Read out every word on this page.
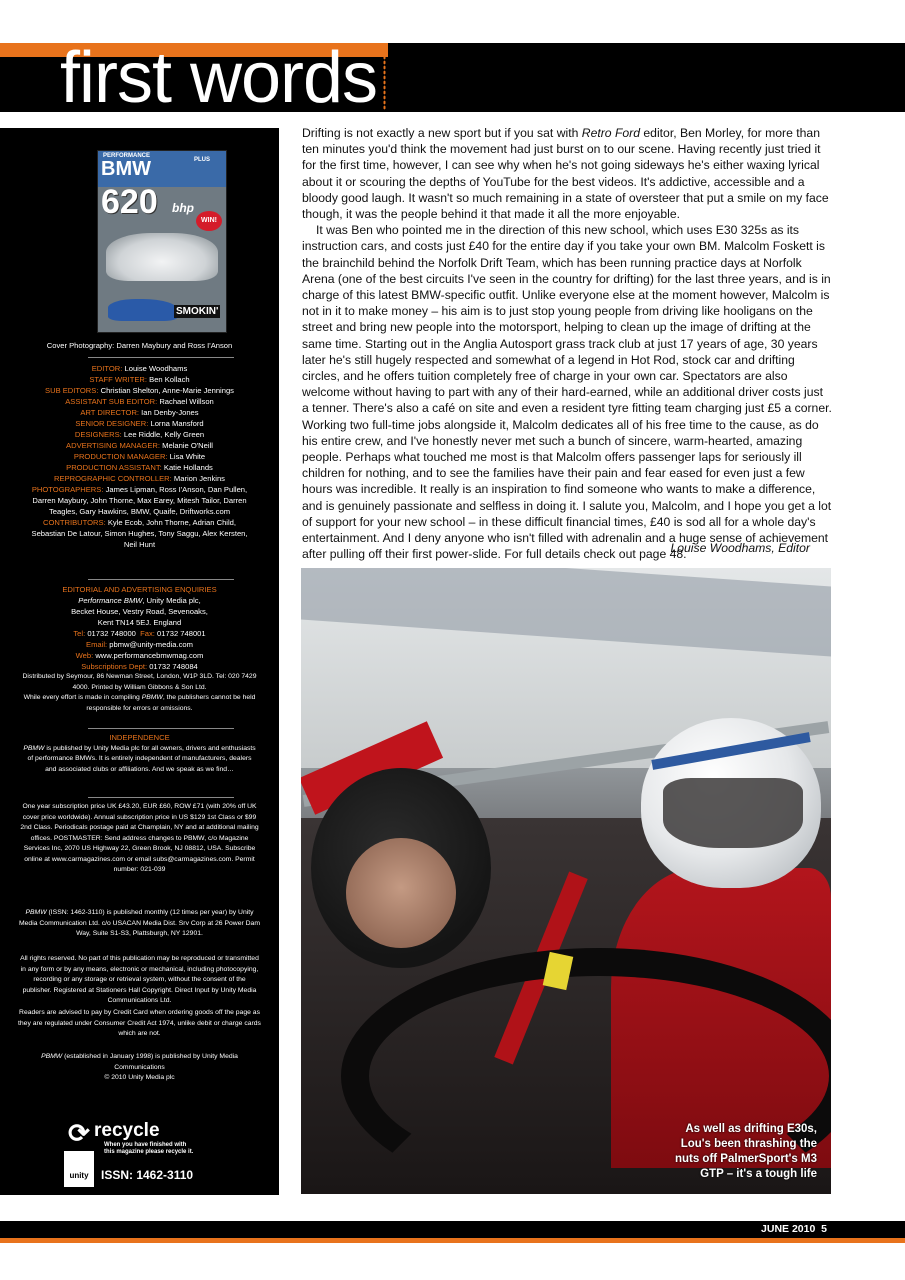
first words
PERFORMANCE
BMW	PLUS
620 bhp
WIN!
SMOKIN'
Cover Photography: Darren Maybury and Ross I'Anson
EDITOR: Louise Woodhams
STAFF WRITER: Ben Kollach
SUB EDITORS: Christian Shelton, Anne-Marie Jennings
ASSISTANT SUB EDITOR: Rachael Willson
ART DIRECTOR: Ian Denby-Jones
SENIOR DESIGNER: Lorna Mansford
DESIGNERS: Lee Riddle, Kelly Green
ADVERTISING MANAGER: Melanie O'Neill
PRODUCTION MANAGER: Lisa White
PRODUCTION ASSISTANT: Katie Hollands
REPROGRAPHIC CONTROLLER: Marion Jenkins
PHOTOGRAPHERS: James Lipman, Ross I'Anson, Dan Pullen, Darren Maybury, John Thorne, Max Earey, Mitesh Tailor, Darren Teagles, Gary Hawkins, BMW, Quaife, Driftworks.com
CONTRIBUTORS: Kyle Ecob, John Thorne, Adrian Child, Sebastian De Latour, Simon Hughes, Tony Saggu, Alex Kersten, Neil Hunt
EDITORIAL AND ADVERTISING ENQUIRIES
Performance BMW, Unity Media plc,
Becket House, Vestry Road, Sevenoaks,
Kent TN14 5EJ. England
Tel: 01732 748000 Fax: 01732 748001
Email: pbmw@unity-media.com
Web: www.performancebmwmag.com
Subscriptions Dept: 01732 748084
Distributed by Seymour, 86 Newman Street, London, W1P 3LD. Tel: 020 7429 4000. Printed by William Gibbons & Son Ltd.
While every effort is made in compiling PBMW, the publishers cannot be held responsible for errors or omissions.
INDEPENDENCE
PBMW is published by Unity Media plc for all owners, drivers and enthusiasts of performance BMWs. It is entirely independent of manufacturers, dealers and associated clubs or affiliations. And we speak as we find…
One year subscription price UK £43.20, EUR £60, ROW £71 (with 20% off UK cover price worldwide). Annual subscription price in US $129 1st Class or $99 2nd Class. Periodicals postage paid at Champlain, NY and at additional mailing offices. POSTMASTER: Send address changes to PBMW, c/o Magazine Services Inc, 2070 US Highway 22, Green Brook, NJ 08812, USA. Subscribe online at www.carmagazines.com or email subs@carmagazines.com. Permit number: 021-039
PBMW (ISSN: 1462-3110) is published monthly (12 times per year) by Unity Media Communication Ltd. c/o USACAN Media Dist. Srv Corp at 26 Power Dam Way, Suite S1-S3, Plattsburgh, NY 12901.
All rights reserved. No part of this publication may be reproduced or transmitted in any form or by any means, electronic or mechanical, including photocopying, recording or any storage or retrieval system, without the consent of the publisher. Registered at Stationers Hall Copyright. Direct Input by Unity Media Communications Ltd.
Readers are advised to pay by Credit Card when ordering goods off the page as they are regulated under Consumer Credit Act 1974, unlike debit or charge cards which are not.
PBMW (established in January 1998) is published by Unity Media Communications
© 2010 Unity Media plc
⟳ recycle
When you have finished with
this magazine please recycle it.
unity	ISSN: 1462-3110

Drifting is not exactly a new sport but if you sat with Retro Ford editor, Ben Morley, for more than ten minutes you'd think the movement had just burst on to our scene. Having recently just tried it for the first time, however, I can see why when he's not going sideways he's either waxing lyrical about it or scouring the depths of YouTube for the best videos. It's addictive, accessible and a bloody good laugh. It wasn't so much remaining in a state of oversteer that put a smile on my face though, it was the people behind it that made it all the more enjoyable.

It was Ben who pointed me in the direction of this new school, which uses E30 325s as its instruction cars, and costs just £40 for the entire day if you take your own BM. Malcolm Foskett is the brainchild behind the Norfolk Drift Team, which has been running practice days at Norfolk Arena (one of the best circuits I've seen in the country for drifting) for the last three years, and is in charge of this latest BMW-specific outfit. Unlike everyone else at the moment however, Malcolm is not in it to make money – his aim is to just stop young people from driving like hooligans on the street and bring new people into the motorsport, helping to clean up the image of drifting at the same time. Starting out in the Anglia Autosport grass track club at just 17 years of age, 30 years later he's still hugely respected and somewhat of a legend in Hot Rod, stock car and drifting circles, and he offers tuition completely free of charge in your own car. Spectators are also welcome without having to part with any of their hard-earned, while an additional driver costs just a tenner. There's also a café on site and even a resident tyre fitting team charging just £5 a corner. Working two full-time jobs alongside it, Malcolm dedicates all of his free time to the cause, as do his entire crew, and I've honestly never met such a bunch of sincere, warm-hearted, amazing people. Perhaps what touched me most is that Malcolm offers passenger laps for seriously ill children for nothing, and to see the families have their pain and fear eased for even just a few hours was incredible. It really is an inspiration to find someone who wants to make a difference, and is genuinely passionate and selfless in doing it. I salute you, Malcolm, and I hope you get a lot of support for your new school – in these difficult financial times, £40 is sod all for a whole day's entertainment. And I deny anyone who isn't filled with adrenalin and a huge sense of achievement after pulling off their first power-slide. For full details check out page 48.

Louise Woodhams, Editor
As well as drifting E30s, Lou's been thrashing the nuts off PalmerSport's M3 GTP – it's a tough life
JUNE 2010 5
